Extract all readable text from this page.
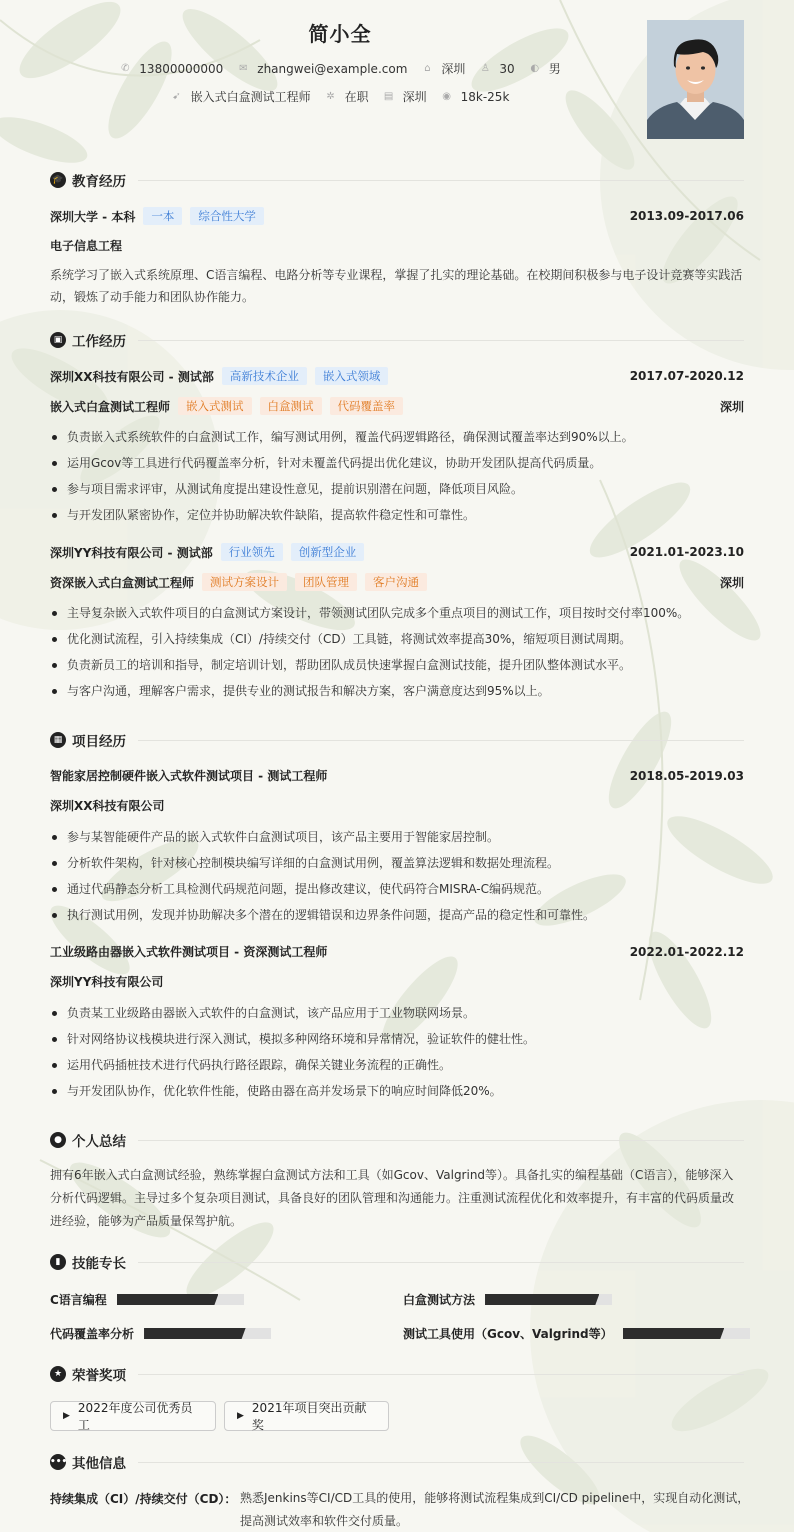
简小全
✆ 13800000000 ✉ zhangwei@example.com ⌂ 深圳 ♙ 30 ◐ 男
➹ 嵌入式白盒测试工程师 ✲ 在职 ▤ 深圳 ◉ 18k-25k
🎓 教育经历
深圳大学 - 本科	一本	综合性大学	2013.09-2017.06
电子信息工程
系统学习了嵌入式系统原理、C语言编程、电路分析等专业课程，掌握了扎实的理论基础。在校期间积极参与电子设计竞赛等实践活动，锻炼了动手能力和团队协作能力。
▣ 工作经历
深圳XX科技有限公司 - 测试部	高新技术企业	嵌入式领域	2017.07-2020.12
嵌入式白盒测试工程师	嵌入式测试	白盒测试	代码覆盖率	深圳
负责嵌入式系统软件的白盒测试工作，编写测试用例，覆盖代码逻辑路径，确保测试覆盖率达到90%以上。
运用Gcov等工具进行代码覆盖率分析，针对未覆盖代码提出优化建议，协助开发团队提高代码质量。
参与项目需求评审，从测试角度提出建设性意见，提前识别潜在问题，降低项目风险。
与开发团队紧密协作，定位并协助解决软件缺陷，提高软件稳定性和可靠性。
深圳YY科技有限公司 - 测试部	行业领先	创新型企业	2021.01-2023.10
资深嵌入式白盒测试工程师	测试方案设计	团队管理	客户沟通	深圳
主导复杂嵌入式软件项目的白盒测试方案设计，带领测试团队完成多个重点项目的测试工作，项目按时交付率100%。
优化测试流程，引入持续集成（CI）/持续交付（CD）工具链，将测试效率提高30%，缩短项目测试周期。
负责新员工的培训和指导，制定培训计划，帮助团队成员快速掌握白盒测试技能，提升团队整体测试水平。
与客户沟通，理解客户需求，提供专业的测试报告和解决方案，客户满意度达到95%以上。
▦ 项目经历
智能家居控制硬件嵌入式软件测试项目 - 测试工程师	2018.05-2019.03
深圳XX科技有限公司
参与某智能硬件产品的嵌入式软件白盒测试项目，该产品主要用于智能家居控制。
分析软件架构，针对核心控制模块编写详细的白盒测试用例，覆盖算法逻辑和数据处理流程。
通过代码静态分析工具检测代码规范问题，提出修改建议，使代码符合MISRA-C编码规范。
执行测试用例，发现并协助解决多个潜在的逻辑错误和边界条件问题，提高产品的稳定性和可靠性。
工业级路由器嵌入式软件测试项目 - 资深测试工程师	2022.01-2022.12
深圳YY科技有限公司
负责某工业级路由器嵌入式软件的白盒测试，该产品应用于工业物联网场景。
针对网络协议栈模块进行深入测试，模拟多种网络环境和异常情况，验证软件的健壮性。
运用代码插桩技术进行代码执行路径跟踪，确保关键业务流程的正确性。
与开发团队协作，优化软件性能，使路由器在高并发场景下的响应时间降低20%。
● 个人总结
拥有6年嵌入式白盒测试经验，熟练掌握白盒测试方法和工具（如Gcov、Valgrind等）。具备扎实的编程基础（C语言），能够深入分析代码逻辑。主导过多个复杂项目测试，具备良好的团队管理和沟通能力。注重测试流程优化和效率提升，有丰富的代码质量改进经验，能够为产品质量保驾护航。
▮ 技能专长
C语言编程	白盒测试方法
代码覆盖率分析	测试工具使用（Gcov、Valgrind等）
★ 荣誉奖项
▶
2022年度公司优秀员工
▶
2021年项目突出贡献奖
••• 其他信息
持续集成（CI）/持续交付（CD）： 熟悉Jenkins等CI/CD工具的使用，能够将测试流程集成到CI/CD pipeline中，实现自动化测试，提高测试效率和软件交付质量。
